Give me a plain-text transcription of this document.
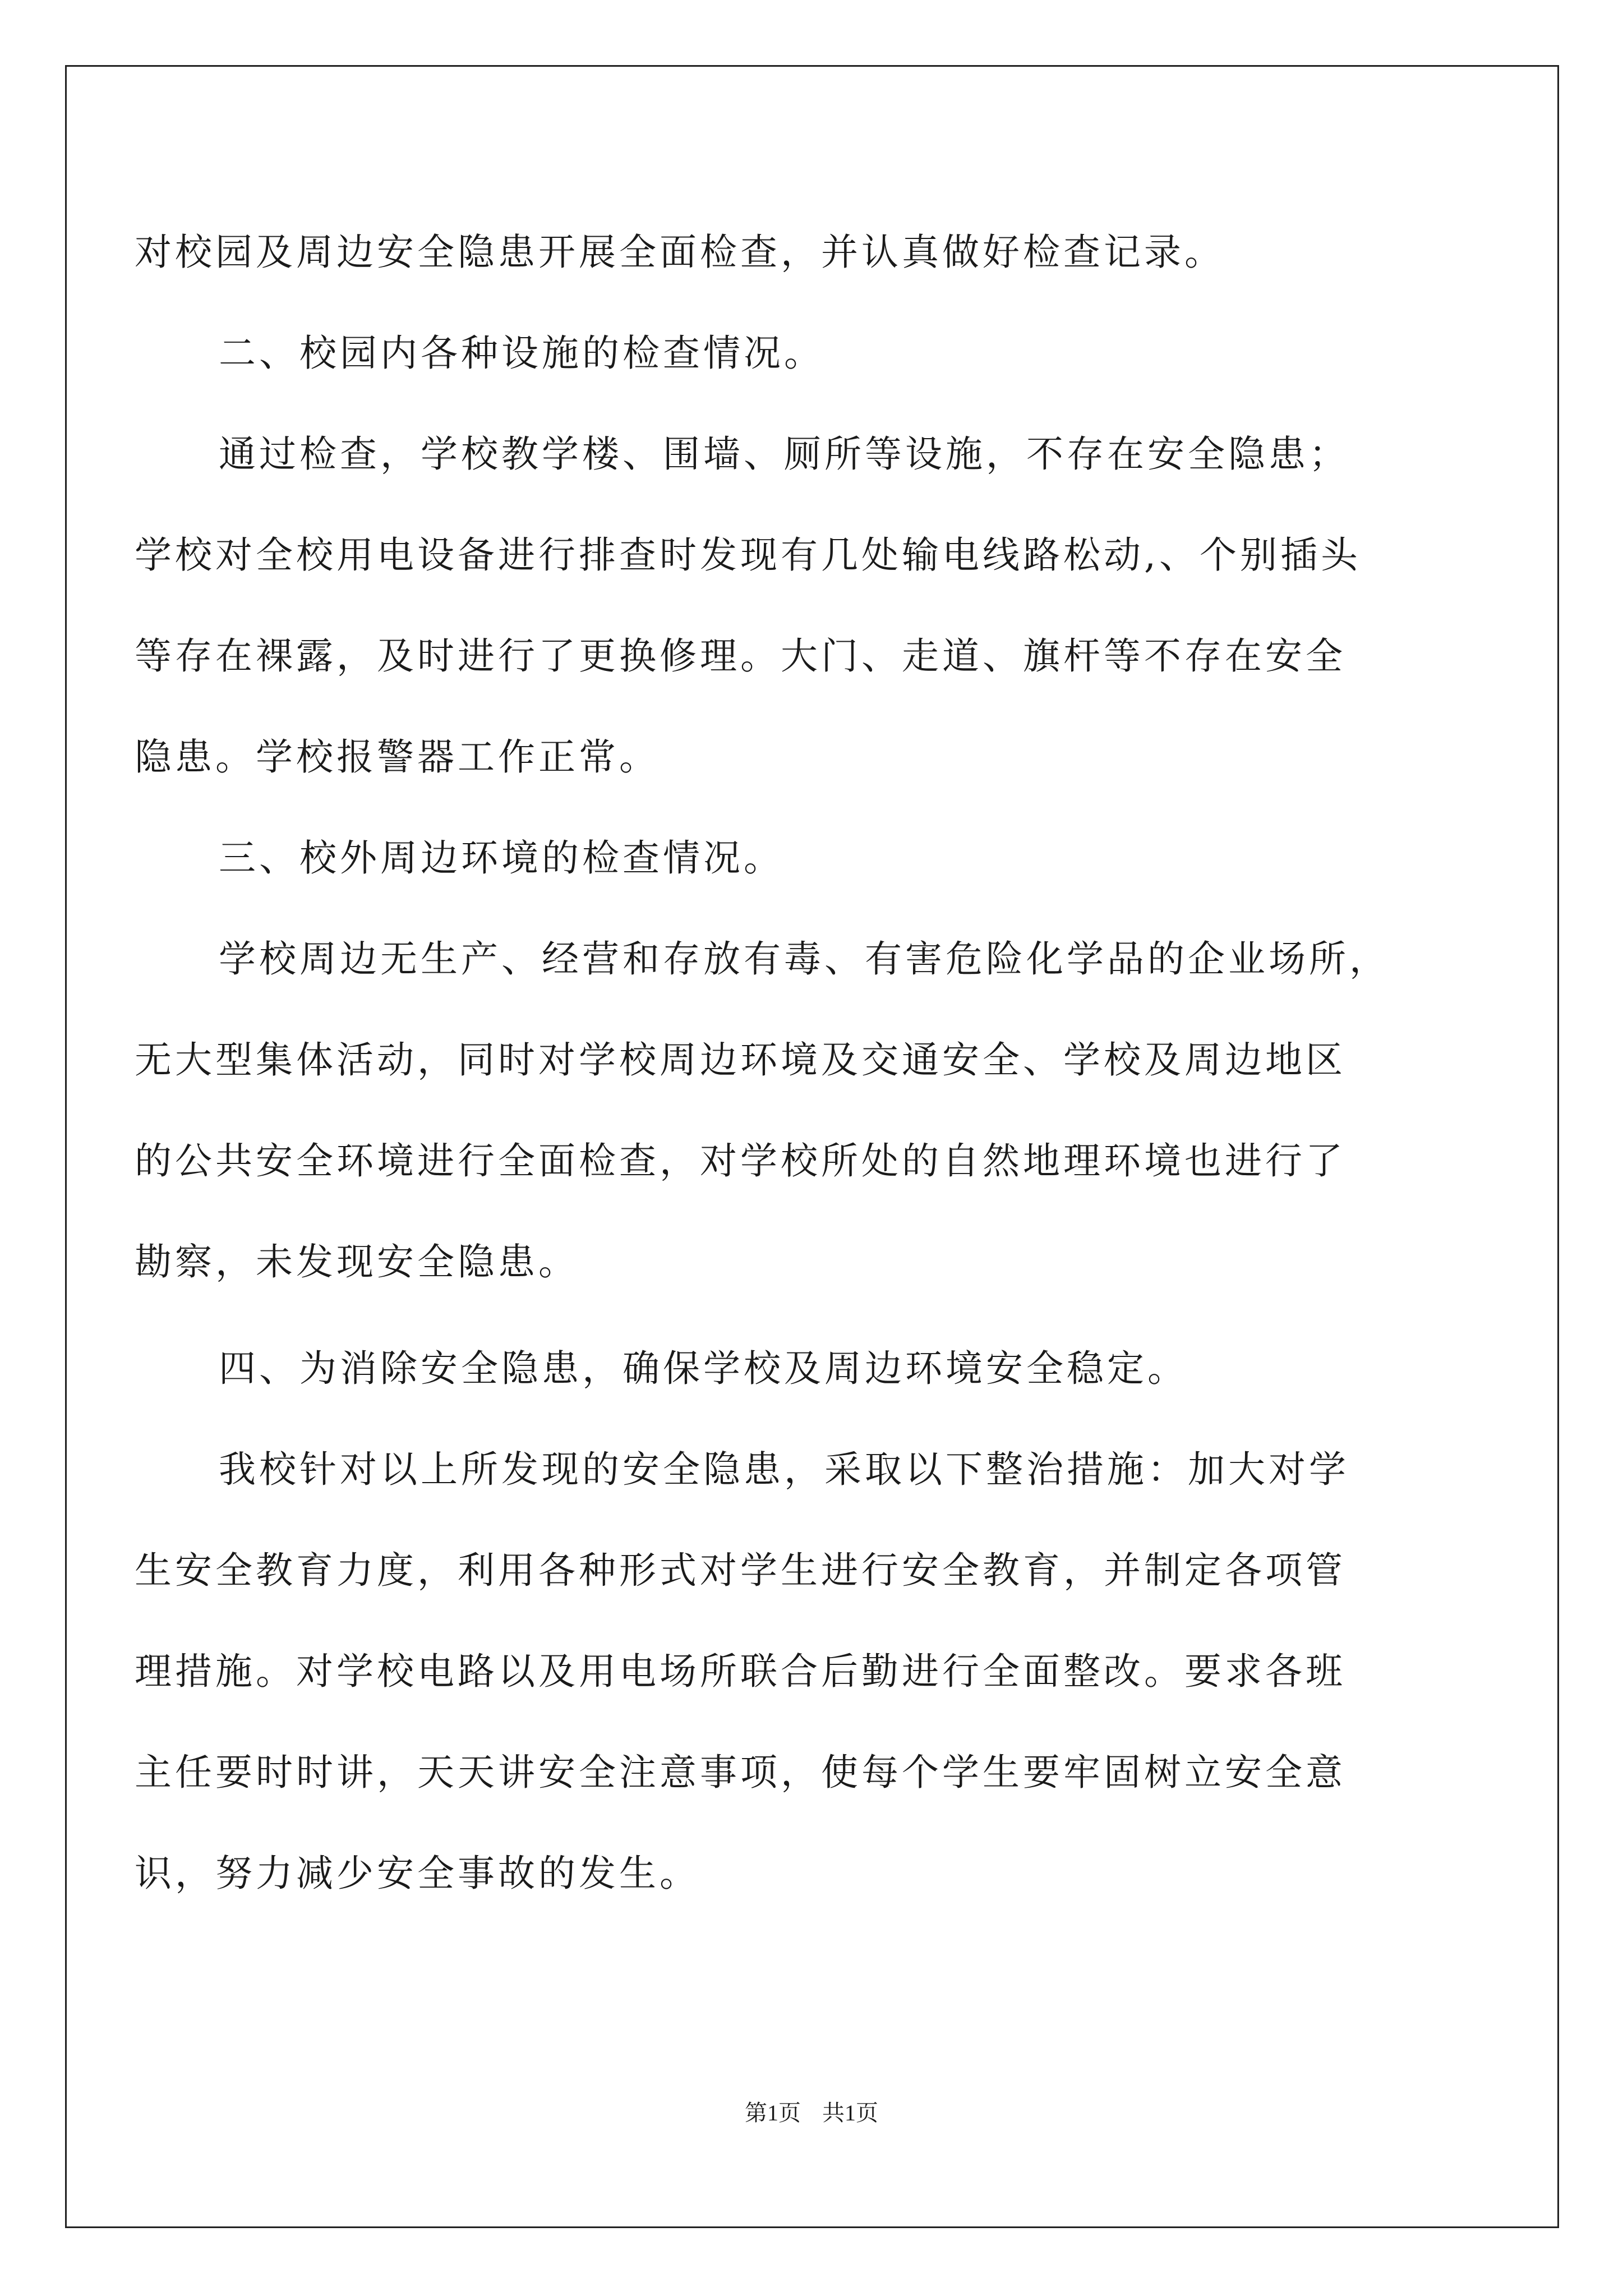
对校园及周边安全隐患开展全面检查，并认真做好检查记录。
二、校园内各种设施的检查情况。
通过检查，学校教学楼、围墙、厕所等设施，不存在安全隐患；
学校对全校用电设备进行排查时发现有几处输电线路松动,、个别插头
等存在裸露，及时进行了更换修理。大门、走道、旗杆等不存在安全
隐患。学校报警器工作正常。
三、校外周边环境的检查情况。
学校周边无生产、经营和存放有毒、有害危险化学品的企业场所，
无大型集体活动，同时对学校周边环境及交通安全、学校及周边地区
的公共安全环境进行全面检查，对学校所处的自然地理环境也进行了
勘察，未发现安全隐患。
四、为消除安全隐患，确保学校及周边环境安全稳定。
我校针对以上所发现的安全隐患，采取以下整治措施：加大对学
生安全教育力度，利用各种形式对学生进行安全教育，并制定各项管
理措施。对学校电路以及用电场所联合后勤进行全面整改。要求各班
主任要时时讲，天天讲安全注意事项，使每个学生要牢固树立安全意
识，努力减少安全事故的发生。
第1页 共1页
